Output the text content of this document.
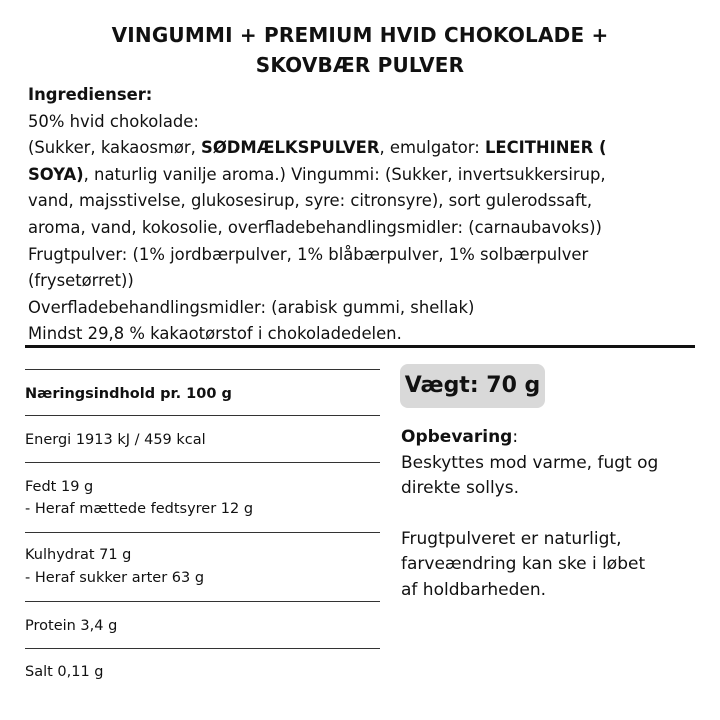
VINGUMMI + PREMIUM HVID CHOKOLADE +
SKOVBÆR PULVER
Ingredienser:
50% hvid chokolade:
(Sukker, kakaosmør, SØDMÆLKSPULVER, emulgator: LECITHINER (
SOYA), naturlig vanilje aroma.) Vingummi: (Sukker, invertsukkersirup,
vand, majsstivelse, glukosesirup, syre: citronsyre), sort gulerodssaft,
aroma, vand, kokosolie, overfladebehandlingsmidler: (carnaubavoks))
Frugtpulver: (1% jordbærpulver, 1% blåbærpulver, 1% solbærpulver
(frysetørret))
Overfladebehandlingsmidler: (arabisk gummi, shellak)
Mindst 29,8 % kakaotørstof i chokoladedelen.
Næringsindhold pr. 100 g
Energi 1913 kJ / 459 kcal
Fedt 19 g
- Heraf mættede fedtsyrer 12 g
Kulhydrat 71 g
- Heraf sukker arter 63 g
Protein 3,4 g
Salt 0,11 g
Vægt: 70 g

Opbevaring:

Beskyttes mod varme, fugt og

direkte sollys.

Frugtpulveret er naturligt,

farveændring kan ske i løbet

af holdbarheden.
